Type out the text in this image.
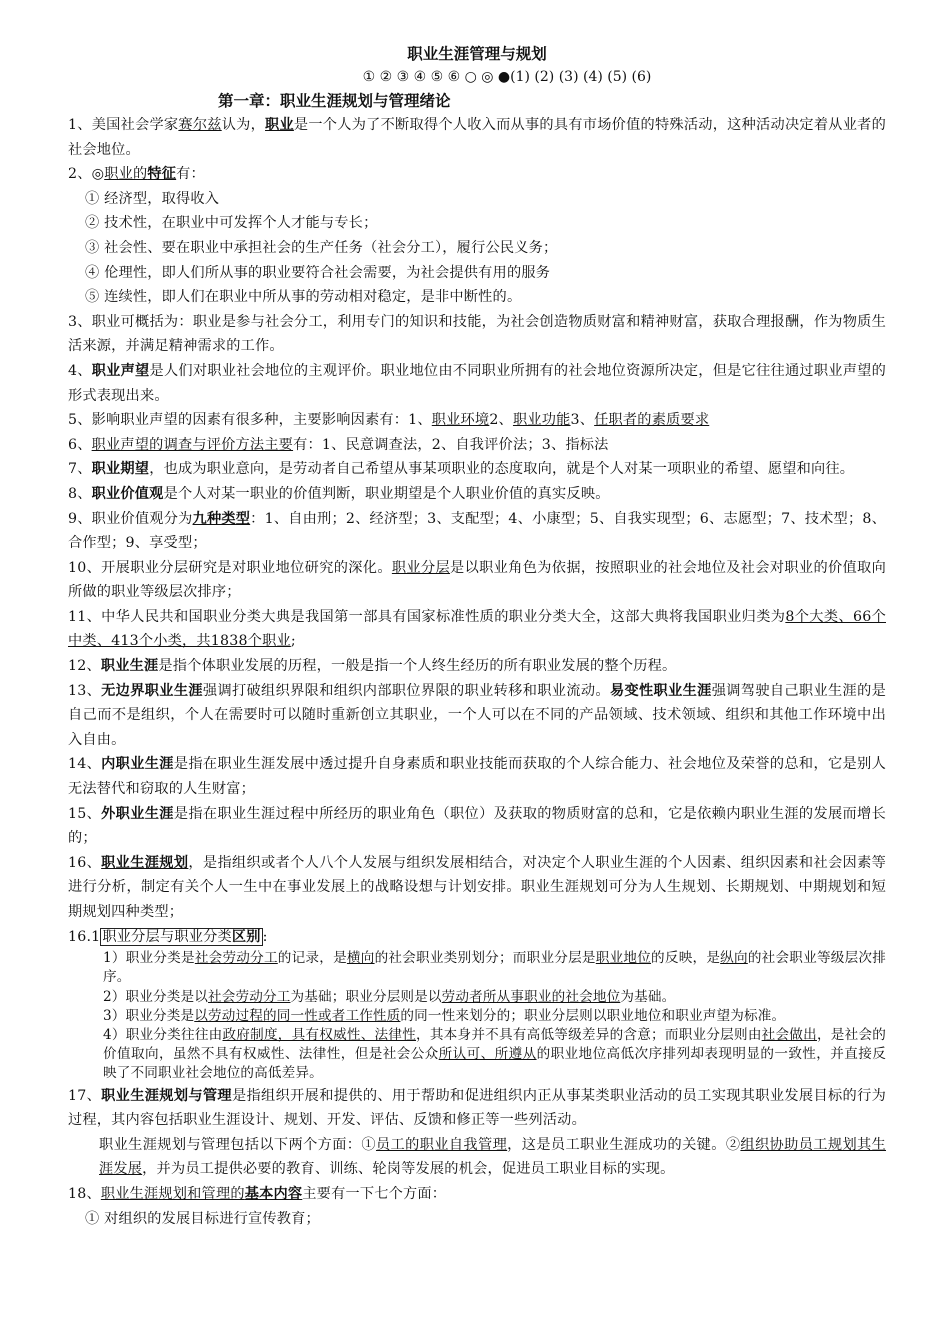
职业生涯管理与规划
① ② ③ ④ ⑤ ⑥ ○ ◎ ●(1) (2) (3) (4) (5) (6)
第一章：职业生涯规划与管理绪论
1、美国社会学家赛尔兹认为，职业是一个人为了不断取得个人收入而从事的具有市场价值的特殊活动，这种活动决定着从业者的社会地位。
2、◎职业的特征有：
① 经济型，取得收入
② 技术性，在职业中可发挥个人才能与专长；
③ 社会性、要在职业中承担社会的生产任务（社会分工），履行公民义务；
④ 伦理性，即人们所从事的职业要符合社会需要，为社会提供有用的服务
⑤ 连续性，即人们在职业中所从事的劳动相对稳定，是非中断性的。
3、职业可概括为：职业是参与社会分工，利用专门的知识和技能，为社会创造物质财富和精神财富，获取合理报酬，作为物质生活来源，并满足精神需求的工作。
4、职业声望是人们对职业社会地位的主观评价。职业地位由不同职业所拥有的社会地位资源所决定，但是它往往通过职业声望的形式表现出来。
5、影响职业声望的因素有很多种，主要影响因素有：1、职业环境2、职业功能3、任职者的素质要求
6、职业声望的调查与评价方法主要有：1、民意调查法，2、自我评价法；3、指标法
7、职业期望，也成为职业意向，是劳动者自己希望从事某项职业的态度取向，就是个人对某一项职业的希望、愿望和向往。
8、职业价值观是个人对某一职业的价值判断，职业期望是个人职业价值的真实反映。
9、职业价值观分为九种类型：1、自由刑；2、经济型；3、支配型；4、小康型；5、自我实现型；6、志愿型；7、技术型；8、合作型；9、享受型；
10、开展职业分层研究是对职业地位研究的深化。职业分层是以职业角色为依据，按照职业的社会地位及社会对职业的价值取向所做的职业等级层次排序；
11、中华人民共和国职业分类大典是我国第一部具有国家标准性质的职业分类大全，这部大典将我国职业归类为8个大类、66个中类、413个小类，共1838个职业;
12、职业生涯是指个体职业发展的历程，一般是指一个人终生经历的所有职业发展的整个历程。
13、无边界职业生涯强调打破组织界限和组织内部职位界限的职业转移和职业流动。易变性职业生涯强调驾驶自己职业生涯的是自己而不是组织，个人在需要时可以随时重新创立其职业，一个人可以在不同的产品领域、技术领域、组织和其他工作环境中出入自由。
14、内职业生涯是指在职业生涯发展中透过提升自身素质和职业技能而获取的个人综合能力、社会地位及荣誉的总和，它是别人无法替代和窃取的人生财富；
15、外职业生涯是指在职业生涯过程中所经历的职业角色（职位）及获取的物质财富的总和，它是依赖内职业生涯的发展而增长的；
16、职业生涯规划，是指组织或者个人八个人发展与组织发展相结合，对决定个人职业生涯的个人因素、组织因素和社会因素等进行分析，制定有关个人一生中在事业发展上的战略设想与计划安排。职业生涯规划可分为人生规划、长期规划、中期规划和短期规划四种类型；
16.1 职业分层与职业分类区别 :
1）职业分类是社会劳动分工的记录，是横向的社会职业类别划分；而职业分层是职业地位的反映，是纵向的社会职业等级层次排序。
2）职业分类是以社会劳动分工为基础；职业分层则是以劳动者所从事职业的社会地位为基础。
3）职业分类是以劳动过程的同一性或者工作性质的同一性来划分的；职业分层则以职业地位和职业声望为标准。
4）职业分类往往由政府制度，具有权威性、法律性，其本身并不具有高低等级差异的含意；而职业分层则由社会做出，是社会的价值取向，虽然不具有权威性、法律性，但是社会公众所认可、所遵从的职业地位高低次序排列却表现明显的一致性，并直接反映了不同职业社会地位的高低差异。
17、职业生涯规划与管理是指组织开展和提供的、用于帮助和促进组织内正从事某类职业活动的员工实现其职业发展目标的行为过程，其内容包括职业生涯设计、规划、开发、评估、反馈和修正等一些列活动。
职业生涯规划与管理包括以下两个方面：①员工的职业自我管理，这是员工职业生涯成功的关键。②组织协助员工规划其生涯发展，并为员工提供必要的教育、训练、轮岗等发展的机会，促进员工职业目标的实现。
18、职业生涯规划和管理的基本内容主要有一下七个方面：
① 对组织的发展目标进行宣传教育；
